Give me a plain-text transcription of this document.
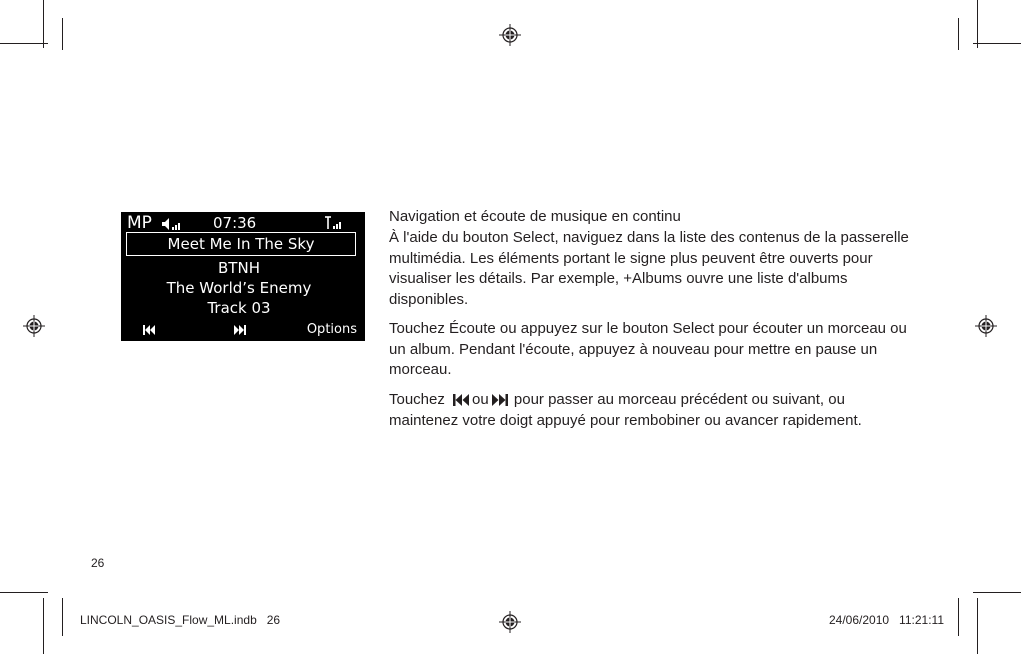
MP	07:36
Meet Me In The Sky
BTNH
The World’s Enemy
Track 03
Options
Navigation et écoute de musique en continu
À l'aide du bouton Select, naviguez dans la liste des contenus de la passerelle multimédia. Les éléments portant le signe plus peuvent être ouverts pour visualiser les détails. Par exemple, +Albums ouvre une liste d'albums disponibles.
Touchez Écoute ou appuyez sur le bouton Select pour écouter un morceau ou un album. Pendant l'écoute, appuyez à nouveau pour mettre en pause un morceau.
Touchez ou pour passer au morceau précédent ou suivant, ou maintenez votre doigt appuyé pour rembobiner ou avancer rapidement.
26
LINCOLN_OASIS_Flow_ML.indb   26	24/06/2010   11:21:11
